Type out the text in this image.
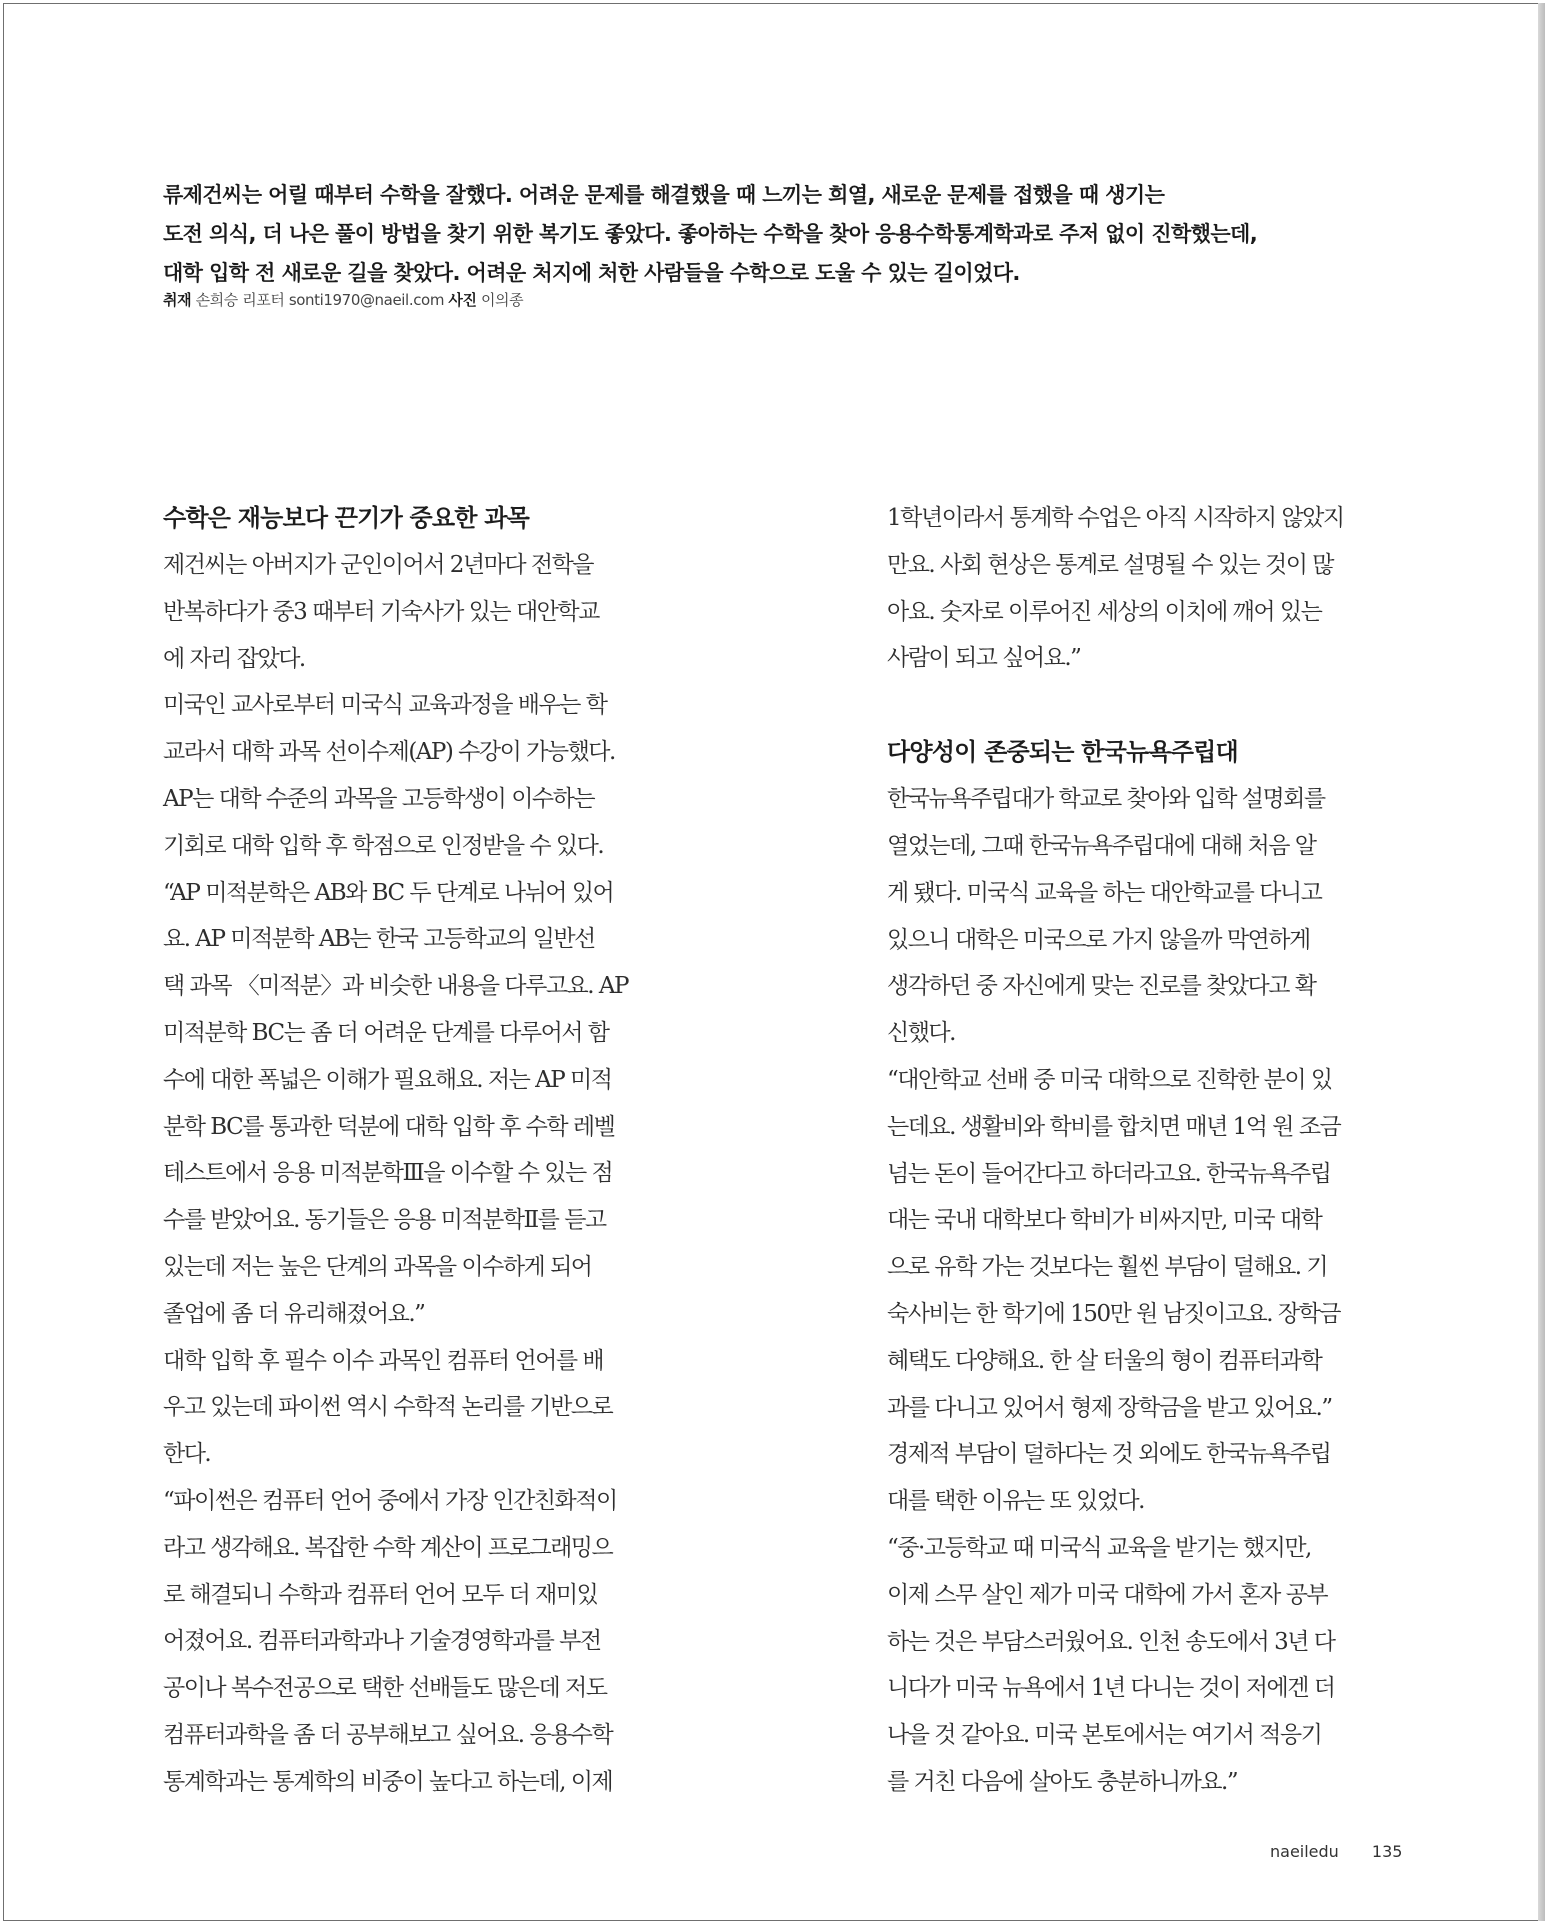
류제건씨는 어릴 때부터 수학을 잘했다. 어려운 문제를 해결했을 때 느끼는 희열, 새로운 문제를 접했을 때 생기는

도전 의식, 더 나은 풀이 방법을 찾기 위한 복기도 좋았다. 좋아하는 수학을 찾아 응용수학통계학과로 주저 없이 진학했는데,

대학 입학 전 새로운 길을 찾았다. 어려운 처지에 처한 사람들을 수학으로 도울 수 있는 길이었다.

취재 손희승 리포터 sonti1970@naeil.com 사진 이의종
수학은 재능보다 끈기가 중요한 과목
제건씨는 아버지가 군인이어서 2년마다 전학을
반복하다가 중3 때부터 기숙사가 있는 대안학교
에 자리 잡았다.
미국인 교사로부터 미국식 교육과정을 배우는 학
교라서 대학 과목 선이수제(AP) 수강이 가능했다.
AP는 대학 수준의 과목을 고등학생이 이수하는
기회로 대학 입학 후 학점으로 인정받을 수 있다.
“AP 미적분학은 AB와 BC 두 단계로 나뉘어 있어
요. AP 미적분학 AB는 한국 고등학교의 일반선
택 과목 〈미적분〉과 비슷한 내용을 다루고요. AP
미적분학 BC는 좀 더 어려운 단계를 다루어서 함
수에 대한 폭넓은 이해가 필요해요. 저는 AP 미적
분학 BC를 통과한 덕분에 대학 입학 후 수학 레벨
테스트에서 응용 미적분학Ⅲ을 이수할 수 있는 점
수를 받았어요. 동기들은 응용 미적분학Ⅱ를 듣고
있는데 저는 높은 단계의 과목을 이수하게 되어
졸업에 좀 더 유리해졌어요.”
대학 입학 후 필수 이수 과목인 컴퓨터 언어를 배
우고 있는데 파이썬 역시 수학적 논리를 기반으로
한다.
“파이썬은 컴퓨터 언어 중에서 가장 인간친화적이
라고 생각해요. 복잡한 수학 계산이 프로그래밍으
로 해결되니 수학과 컴퓨터 언어 모두 더 재미있
어졌어요. 컴퓨터과학과나 기술경영학과를 부전
공이나 복수전공으로 택한 선배들도 많은데 저도
컴퓨터과학을 좀 더 공부해보고 싶어요. 응용수학
통계학과는 통계학의 비중이 높다고 하는데, 이제
1학년이라서 통계학 수업은 아직 시작하지 않았지
만요. 사회 현상은 통계로 설명될 수 있는 것이 많
아요. 숫자로 이루어진 세상의 이치에 깨어 있는
사람이 되고 싶어요.”
다양성이 존중되는 한국뉴욕주립대
한국뉴욕주립대가 학교로 찾아와 입학 설명회를
열었는데, 그때 한국뉴욕주립대에 대해 처음 알
게 됐다. 미국식 교육을 하는 대안학교를 다니고
있으니 대학은 미국으로 가지 않을까 막연하게
생각하던 중 자신에게 맞는 진로를 찾았다고 확
신했다.
“대안학교 선배 중 미국 대학으로 진학한 분이 있
는데요. 생활비와 학비를 합치면 매년 1억 원 조금
넘는 돈이 들어간다고 하더라고요. 한국뉴욕주립
대는 국내 대학보다 학비가 비싸지만, 미국 대학
으로 유학 가는 것보다는 훨씬 부담이 덜해요. 기
숙사비는 한 학기에 150만 원 남짓이고요. 장학금
혜택도 다양해요. 한 살 터울의 형이 컴퓨터과학
과를 다니고 있어서 형제 장학금을 받고 있어요.”
경제적 부담이 덜하다는 것 외에도 한국뉴욕주립
대를 택한 이유는 또 있었다.
“중·고등학교 때 미국식 교육을 받기는 했지만,
이제 스무 살인 제가 미국 대학에 가서 혼자 공부
하는 것은 부담스러웠어요. 인천 송도에서 3년 다
니다가 미국 뉴욕에서 1년 다니는 것이 저에겐 더
나을 것 같아요. 미국 본토에서는 여기서 적응기
를 거친 다음에 살아도 충분하니까요.”
naeiledu 135
